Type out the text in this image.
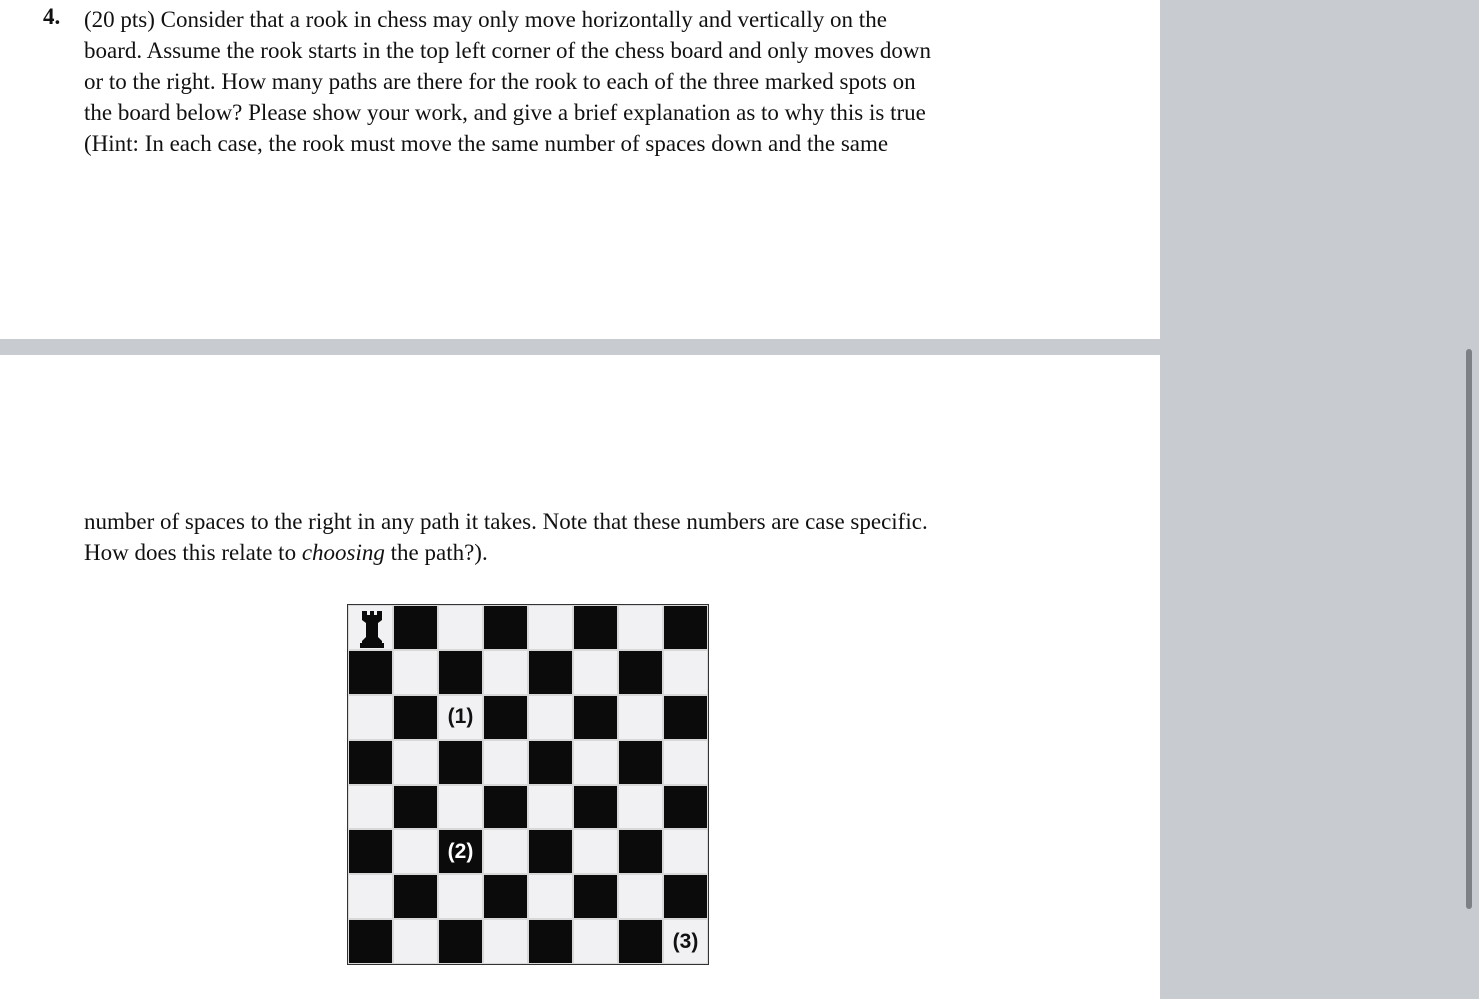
4. (20 pts) Consider that a rook in chess may only move horizontally and vertically on the
board. Assume the rook starts in the top left corner of the chess board and only moves down
or to the right. How many paths are there for the rook to each of the three marked spots on
the board below? Please show your work, and give a brief explanation as to why this is true
(Hint: In each case, the rook must move the same number of spaces down and the same
number of spaces to the right in any path it takes. Note that these numbers are case specific.
How does this relate to choosing the path?).
(1)
(2)
(3)
